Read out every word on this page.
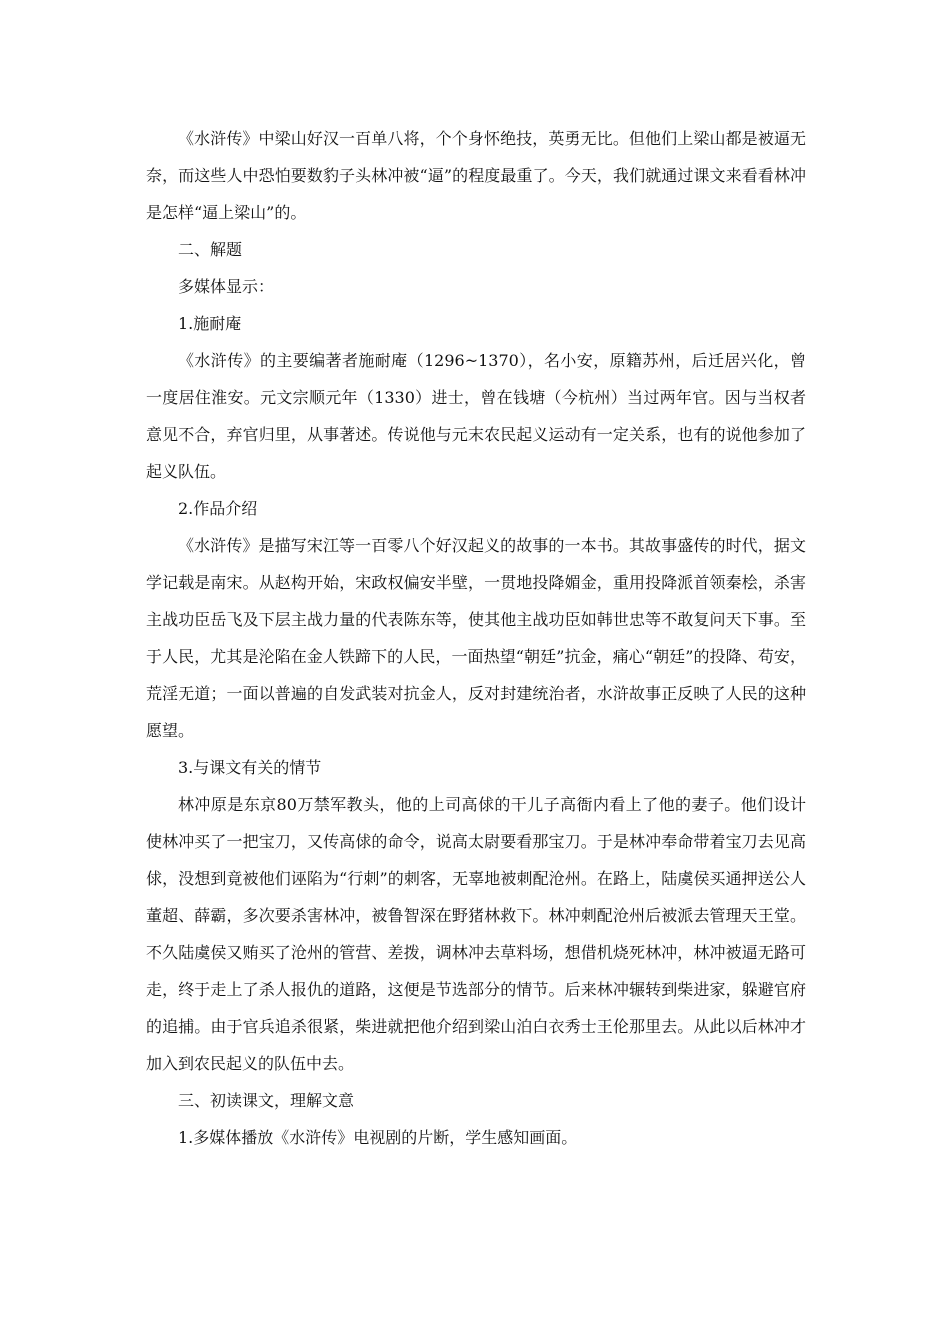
《水浒传》中梁山好汉一百单八将，个个身怀绝技，英勇无比。但他们上梁山都是被逼无奈，而这些人中恐怕要数豹子头林冲被“逼”的程度最重了。今天，我们就通过课文来看看林冲是怎样“逼上梁山”的。

二、解题

多媒体显示：

1.施耐庵

《水浒传》的主要编著者施耐庵（1296~1370），名小安，原籍苏州，后迁居兴化，曾一度居住淮安。元文宗顺元年（1330）进士，曾在钱塘（今杭州）当过两年官。因与当权者意见不合，弃官归里，从事著述。传说他与元末农民起义运动有一定关系，也有的说他参加了起义队伍。

2.作品介绍

《水浒传》是描写宋江等一百零八个好汉起义的故事的一本书。其故事盛传的时代，据文学记载是南宋。从赵构开始，宋政权偏安半壁，一贯地投降媚金，重用投降派首领秦桧，杀害主战功臣岳飞及下层主战力量的代表陈东等，使其他主战功臣如韩世忠等不敢复问天下事。至于人民，尤其是沦陷在金人铁蹄下的人民，一面热望“朝廷”抗金，痛心“朝廷”的投降、苟安，荒淫无道；一面以普遍的自发武装对抗金人，反对封建统治者，水浒故事正反映了人民的这种愿望。

3.与课文有关的情节

林冲原是东京80万禁军教头，他的上司高俅的干儿子高衙内看上了他的妻子。他们设计使林冲买了一把宝刀，又传高俅的命令，说高太尉要看那宝刀。于是林冲奉命带着宝刀去见高俅，没想到竟被他们诬陷为“行刺”的刺客，无辜地被刺配沧州。在路上，陆虞侯买通押送公人董超、薛霸，多次要杀害林冲，被鲁智深在野猪林救下。林冲刺配沧州后被派去管理天王堂。不久陆虞侯又贿买了沧州的管营、差拨，调林冲去草料场，想借机烧死林冲，林冲被逼无路可走，终于走上了杀人报仇的道路，这便是节选部分的情节。后来林冲辗转到柴进家，躲避官府的追捕。由于官兵追杀很紧，柴进就把他介绍到梁山泊白衣秀士王伦那里去。从此以后林冲才加入到农民起义的队伍中去。

三、初读课文，理解文意

1.多媒体播放《水浒传》电视剧的片断，学生感知画面。
